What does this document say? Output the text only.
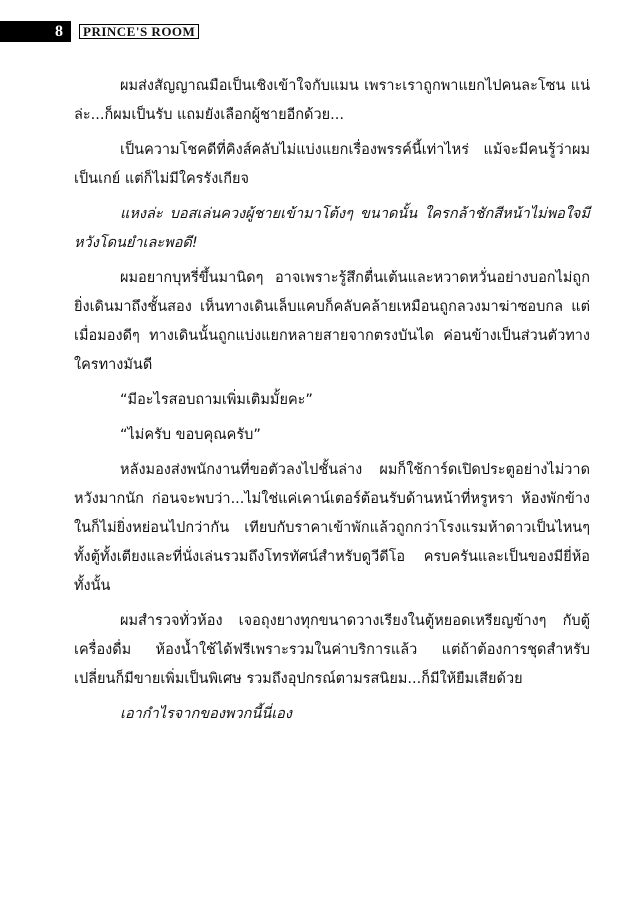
8	PRINCE'S ROOM

ผมส่งสัญญาณมือเป็นเชิงเข้าใจกับแมน เพราะเราถูกพาแยกไปคนละโซน แน่ล่ะ...ก็ผมเป็นรับ แถมยังเลือกผู้ชายอีกด้วย...

เป็นความโชคดีที่คิงส์คลับไม่แบ่งแยกเรื่องพรรค์นี้เท่าไหร่ แม้จะมีคนรู้ว่าผมเป็นเกย์ แต่ก็ไม่มีใครรังเกียจ

แหงล่ะ บอสเล่นควงผู้ชายเข้ามาโต้งๆ ขนาดนั้น ใครกล้าชักสีหน้าไม่พอใจมีหวังโดนยำเละพอดี!

ผมอยากบุหรี่ขึ้นมานิดๆ อาจเพราะรู้สึกตื่นเต้นและหวาดหวั่นอย่างบอกไม่ถูก ยิ่งเดินมาถึงชั้นสอง เห็นทางเดินเล็บแคบก็คลับคล้ายเหมือนถูกลวงมาฆ่าซอบกล แต่เมื่อมองดีๆ ทางเดินนั้นถูกแบ่งแยกหลายสายจากตรงบันได ค่อนข้างเป็นส่วนตัวทางใครทางมันดี

“มีอะไรสอบถามเพิ่มเติมมั้ยคะ”

“ไม่ครับ ขอบคุณครับ”

หลังมองส่งพนักงานที่ขอตัวลงไปชั้นล่าง ผมก็ใช้การ์ดเปิดประตูอย่างไม่วาดหวังมากนัก ก่อนจะพบว่า...ไม่ใช่แค่เคาน์เตอร์ต้อนรับด้านหน้าที่หรูหรา ห้องพักข้างในก็ไม่ยิ่งหย่อนไปกว่ากัน เทียบกับราคาเข้าพักแล้วถูกกว่าโรงแรมห้าดาวเป็นไหนๆ ทั้งตู้ทั้งเตียงและที่นั่งเล่นรวมถึงโทรทัศน์สำหรับดูวีดีโอ ครบครันและเป็นของมียี่ห้อทั้งนั้น

ผมสำรวจทั่วห้อง เจอถุงยางทุกขนาดวางเรียงในตู้หยอดเหรียญข้างๆ กับตู้เครื่องดื่ม ห้องน้ำใช้ได้ฟรีเพราะรวมในค่าบริการแล้ว แต่ถ้าต้องการชุดสำหรับเปลี่ยนก็มีขายเพิ่มเป็นพิเศษ รวมถึงอุปกรณ์ตามรสนิยม...ก็มีให้ยืมเสียด้วย

เอากำไรจากของพวกนี้นี่เอง
